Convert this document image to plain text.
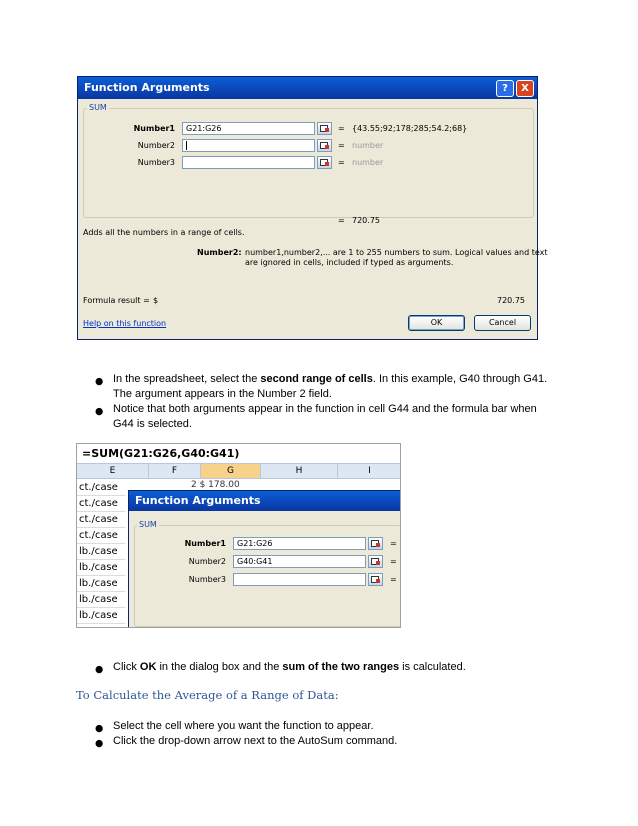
Function Arguments	?	X
SUM
Number1	G21:G26	= {43.55;92;178;285;54.2;68}
Number2	= number
Number3	= number
= 720.75
Adds all the numbers in a range of cells.
Number2: number1,number2,... are 1 to 255 numbers to sum. Logical values and text
are ignored in cells, included if typed as arguments.
Formula result = $	720.75
Help on this function	OK	Cancel
● In the spreadsheet, select the second range of cells. In this example, G40 through G41. The argument appears in the Number 2 field.
● Notice that both arguments appear in the function in cell G44 and the formula bar when G44 is selected.
=SUM(G21:G26,G40:G41)
E	F	G	H	I
2 $ 178.00
ct./case
ct./case
ct./case
ct./case
lb./case
lb./case
lb./case
lb./case
lb./case
Function Arguments
SUM
Number1	G21:G26	=
Number2	G40:G41	=
Number3	=
● Click OK in the dialog box and the sum of the two ranges is calculated.
To Calculate the Average of a Range of Data:
● Select the cell where you want the function to appear.
● Click the drop-down arrow next to the AutoSum command.
